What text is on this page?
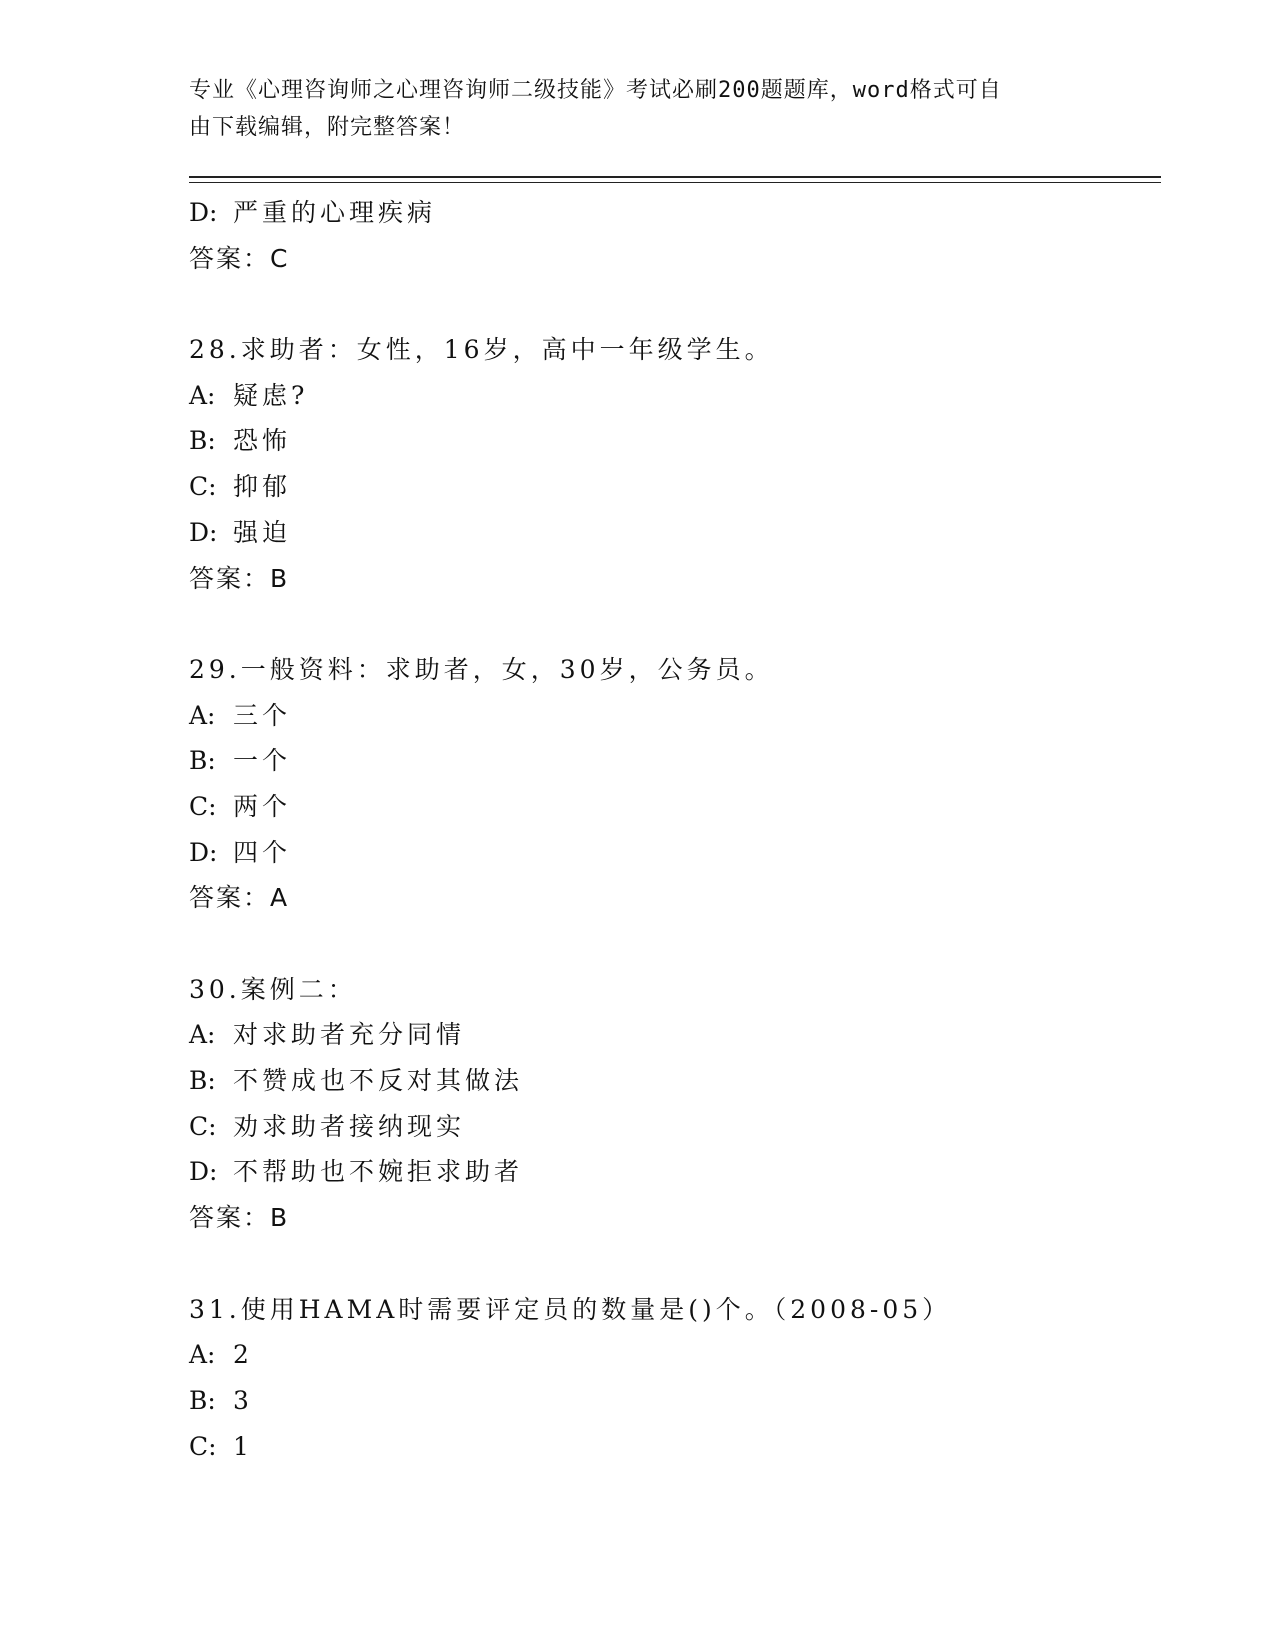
专业《心理咨询师之心理咨询师二级技能》考试必刷200题题库，word格式可自
由下载编辑，附完整答案！
D: 严重的心理疾病
答案：C
28.求助者：女性，16岁，高中一年级学生。
A: 疑虑?
B: 恐怖
C: 抑郁
D: 强迫
答案：B
29.一般资料：求助者，女，30岁，公务员。
A: 三个
B: 一个
C: 两个
D: 四个
答案：A
30.案例二：
A: 对求助者充分同情
B: 不赞成也不反对其做法
C: 劝求助者接纳现实
D: 不帮助也不婉拒求助者
答案：B
31.使用HAMA时需要评定员的数量是()个。（2008-05）
A: 2
B: 3
C: 1
